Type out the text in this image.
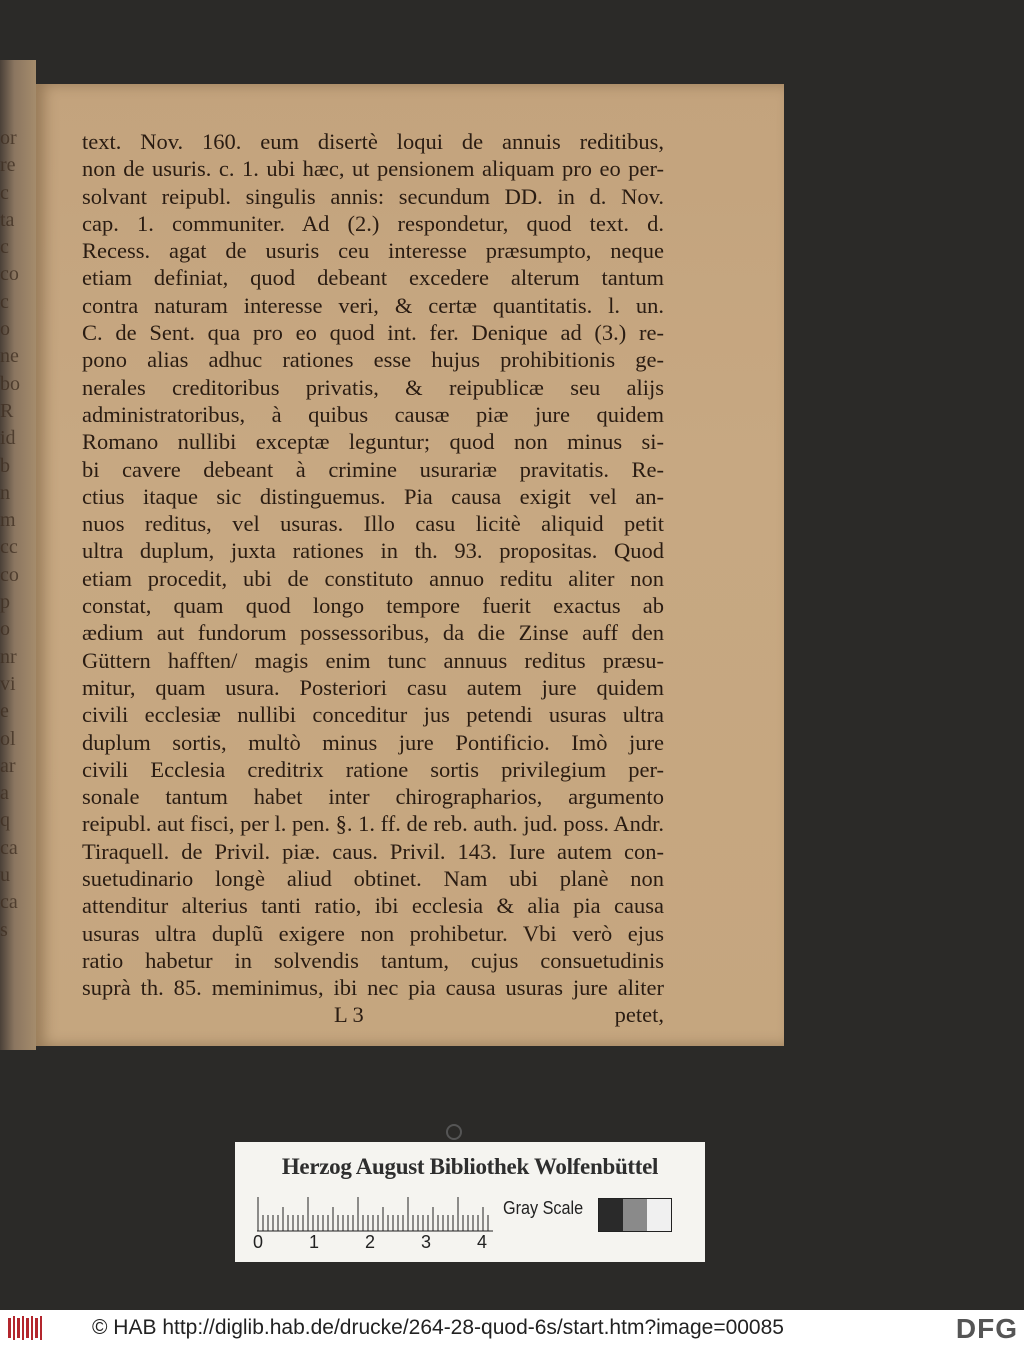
or
re
c
ta
c
co
c
o
ne
bo
R
id
b
n
m
cc
co
p
o
nr
vi
e
ol
ar
a
q
ca
u
ca
s
text. Nov. 160. eum disertè loqui de annuis reditibus,
non de usuris. c. 1. ubi hæc, ut pensionem aliquam pro eo per-
solvant reipubl. singulis annis: secundum DD. in d. Nov.
cap. 1. communiter. Ad (2.) respondetur, quod text. d.
Recess. agat de usuris ceu interesse præsumpto, neque
etiam definiat, quod debeant excedere alterum tantum
contra naturam interesse veri, & certæ quantitatis. l. un.
C. de Sent. qua pro eo quod int. fer. Denique ad (3.) re-
pono alias adhuc rationes esse hujus prohibitionis ge-
nerales creditoribus privatis, & reipublicæ seu alijs
administratoribus, à quibus causæ piæ jure quidem
Romano nullibi exceptæ leguntur; quod non minus si-
bi cavere debeant à crimine usurariæ pravitatis. Re-
ctius itaque sic distinguemus. Pia causa exigit vel an-
nuos reditus, vel usuras. Illo casu licitè aliquid petit
ultra duplum, juxta rationes in th. 93. propositas. Quod
etiam procedit, ubi de constituto annuo reditu aliter non
constat, quam quod longo tempore fuerit exactus ab
ædium aut fundorum possessoribus, da die Zinse auff den
Güttern hafften/ magis enim tunc annuus reditus præsu-
mitur, quam usura. Posteriori casu autem jure quidem
civili ecclesiæ nullibi conceditur jus petendi usuras ultra
duplum sortis, multò minus jure Pontificio. Imò jure
civili Ecclesia creditrix ratione sortis privilegium per-
sonale tantum habet inter chirographarios, argumento
reipubl. aut fisci, per l. pen. §. 1. ff. de reb. auth. jud. poss. Andr.
Tiraquell. de Privil. piæ. caus. Privil. 143. Iure autem con-
suetudinario longè aliud obtinet. Nam ubi planè non
attenditur alterius tanti ratio, ibi ecclesia & alia pia causa
usuras ultra duplũ exigere non prohibetur. Vbi verò ejus
ratio habetur in solvendis tantum, cujus consuetudinis
suprà th. 85. meminimus, ibi nec pia causa usuras jure aliter
L 3	petet,
Herzog August Bibliothek Wolfenbüttel
0	1	2	3	4
Gray Scale
© HAB http://diglib.hab.de/drucke/264-28-quod-6s/start.htm?image=00085	DFG
